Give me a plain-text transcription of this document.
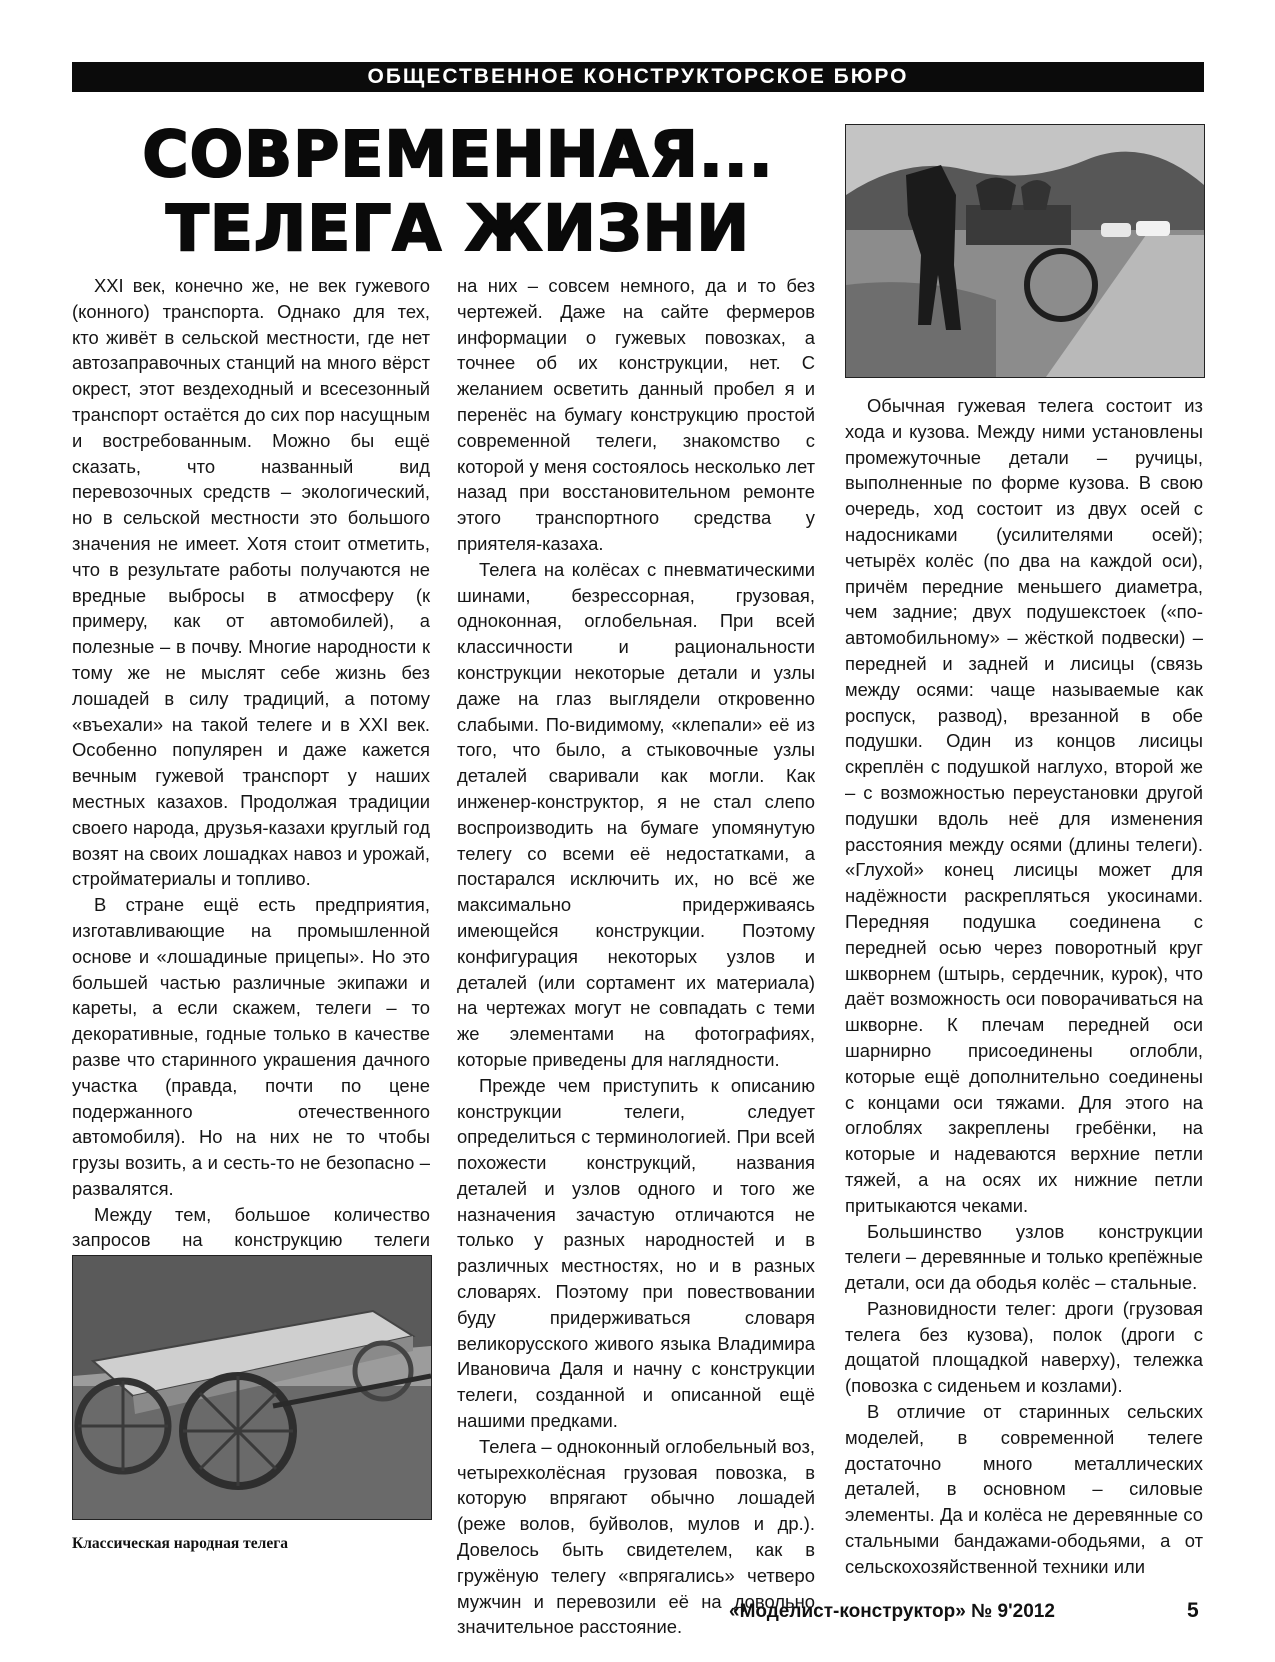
ОБЩЕСТВЕННОЕ КОНСТРУКТОРСКОЕ БЮРО
СОВРЕМЕННАЯ...
ТЕЛЕГА ЖИЗНИ

XXI век, конечно же, не век гужевого (конного) транспорта. Однако для тех, кто живёт в сельской местности, где нет автозаправочных станций на много вёрст окрест, этот вездеходный и всесезонный транспорт остаётся до сих пор насущным и востребованным. Можно бы ещё сказать, что названный вид перевозочных средств – экологический, но в сельской местности это большого значения не имеет. Хотя стоит отметить, что в результате работы получаются не вредные выбросы в атмосферу (к примеру, как от автомобилей), а полезные – в почву. Многие народности к тому же не мыслят себе жизнь без лошадей в силу традиций, а потому «въехали» на такой телеге и в XXI век. Особенно популярен и даже кажется вечным гужевой транспорт у наших местных казахов. Продолжая традиции своего народа, друзья-казахи круглый год возят на своих лошадках навоз и урожай, стройматериалы и топливо.

В стране ещё есть предприятия, изготавливающие на промышленной основе и «лошадиные прицепы». Но это большей частью различные экипажи и кареты, а если скажем, телеги – то декоративные, годные только в качестве разве что старинного украшения дачного участка (правда, почти по цене подержанного отечественного автомобиля). Но на них не то чтобы грузы возить, а и сесть-то не безопасно – развалятся.

Между тем, большое количество запросов на конструкцию телеги

на них – совсем немного, да и то без чертежей. Даже на сайте фермеров информации о гужевых повозках, а точнее об их конструкции, нет. С желанием осветить данный пробел я и перенёс на бумагу конструкцию простой современной телеги, знакомство с которой у меня состоялось несколько лет назад при восстановительном ремонте этого транспортного средства у приятеля-казаха.

Телега на колёсах с пневматическими шинами, безрессорная, грузовая, одноконная, оглобельная. При всей классичности и рациональности конструкции некоторые детали и узлы даже на глаз выглядели откровенно слабыми. По-видимому, «клепали» её из того, что было, а стыковочные узлы деталей сваривали как могли. Как инженер-конструктор, я не стал слепо воспроизводить на бумаге упомянутую телегу со всеми её недостатками, а постарался исключить их, но всё же максимально придерживаясь имеющейся конструкции. Поэтому конфигурация некоторых узлов и деталей (или сортамент их материала) на чертежах могут не совпадать с теми же элементами на фотографиях, которые приведены для наглядности.

Прежде чем приступить к описанию конструкции телеги, следует определиться с терминологией. При всей похожести конструкций, названия деталей и узлов одного и того же назначения зачастую отличаются не только у разных народностей и в различных местностях, но и в разных словарях. Поэтому при повествовании буду придерживаться словаря великорусского живого языка Владимира Ивановича Даля и начну с конструкции телеги, созданной и описанной ещё нашими предками.

Телега – одноконный оглобельный воз, четырехколёсная грузовая повозка, в которую впрягают обычно лошадей (реже волов, буйволов, мулов и др.). Довелось быть свидетелем, как в гружёную телегу «впрягались» четверо мужчин и перевозили её на довольно значительное расстояние.

Обычная гужевая телега состоит из хода и кузова. Между ними установлены промежуточные детали – ручицы, выполненные по форме кузова. В свою очередь, ход состоит из двух осей с надосниками (усилителями осей); четырёх колёс (по два на каждой оси), причём передние меньшего диаметра, чем задние; двух подушекстоек («по-автомобильному» – жёсткой подвески) – передней и задней и лисицы (связь между осями: чаще называемые как роспуск, развод), врезанной в обе подушки. Один из концов лисицы скреплён с подушкой наглухо, второй же – с возможностью переустановки другой подушки вдоль неё для изменения расстояния между осями (длины телеги). «Глухой» конец лисицы может для надёжности раскрепляться укосинами. Передняя подушка соединена с передней осью через поворотный круг шкворнем (штырь, сердечник, курок), что даёт возможность оси поворачиваться на шкворне. К плечам передней оси шарнирно присоединены оглобли, которые ещё дополнительно соединены с концами оси тяжами. Для этого на оглоблях закреплены гребёнки, на которые и надеваются верхние петли тяжей, а на осях их нижние петли притыкаются чеками.

Большинство узлов конструкции телеги – деревянные и только крепёжные детали, оси да ободья колёс – стальные.

Разновидности телег: дроги (грузовая телега без кузова), полок (дроги с дощатой площадкой наверху), тележка (повозка с сиденьем и козлами).

В отличие от старинных сельских моделей, в современной телеге достаточно много металлических деталей, в основном – силовые элементы. Да и колёса не деревянные со стальными бандажами-ободьями, а от сельскохозяйственной техники или

Классическая народная телега
«Моделист-конструктор» № 9'2012	5
